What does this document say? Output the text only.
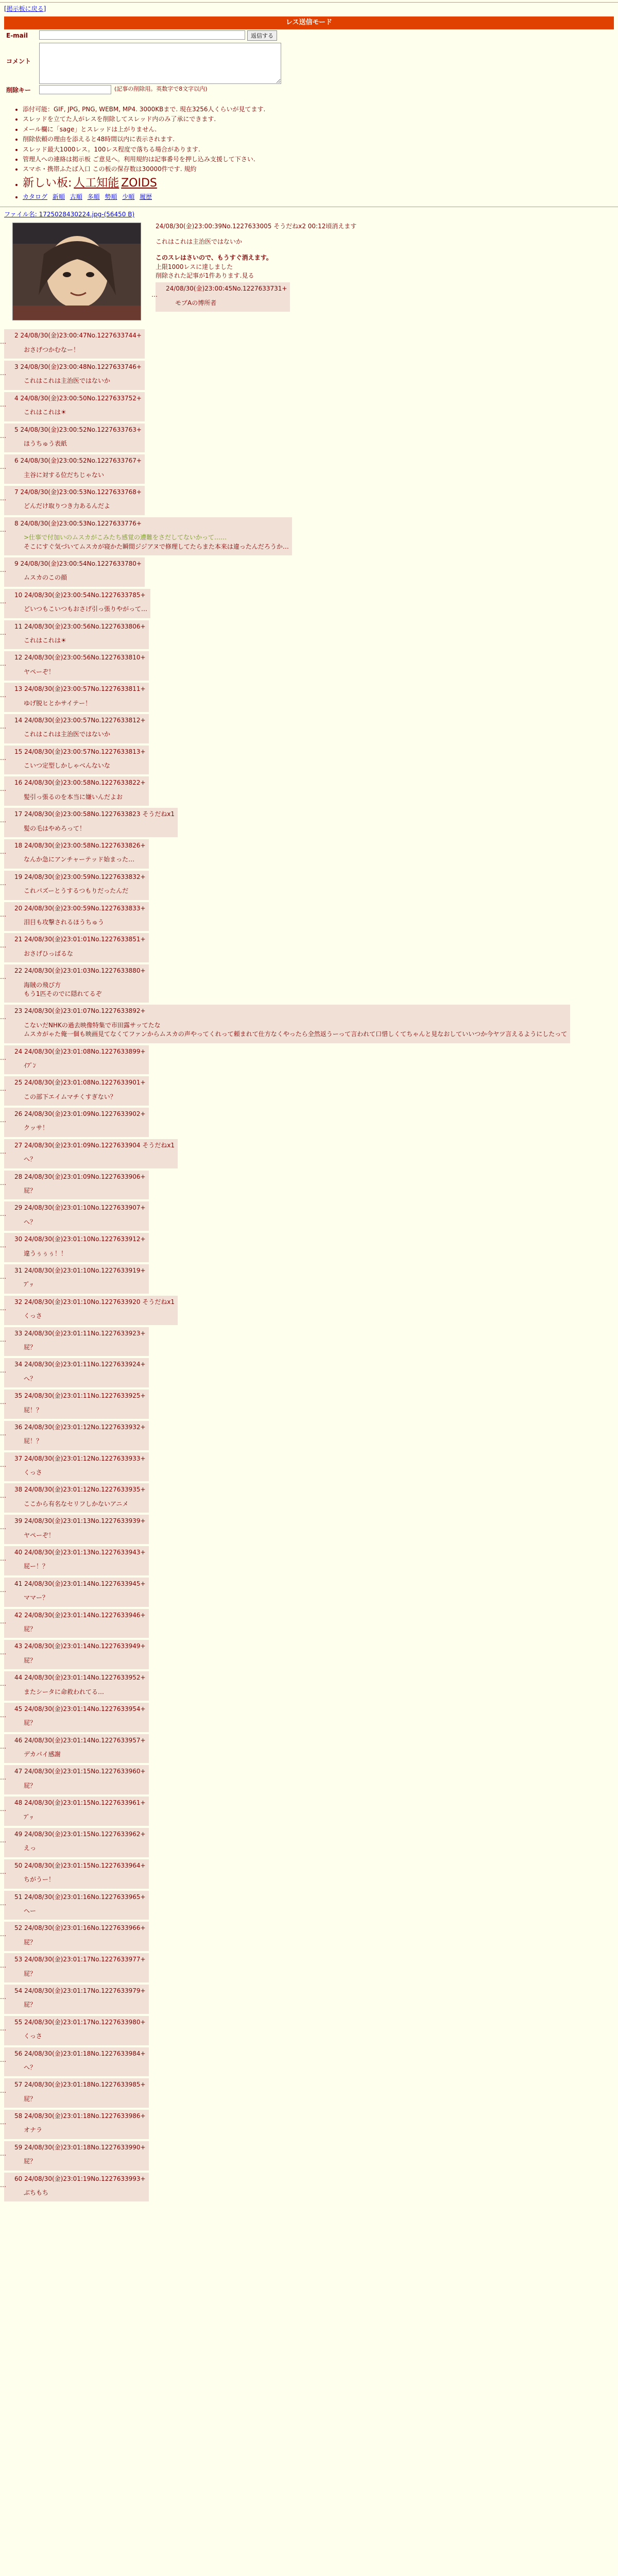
[掲示板に戻る]
レス送信モード
E-mail	返信する
コメント
削除キー	(記事の削除用。英数字で8文字以内)
• 添付可能：GIF, JPG, PNG, WEBM, MP4. 3000KBまで. 現在3256人くらいが見てます.
• スレッドを立てた人がレスを削除してスレッド内のみ了承にできます.
• メール欄に「sage」とスレッドは上がりません.
• 削除依頼の理由を添えると48時間以内に表示されます.
• スレッド最大1000レス。100レス程度で落ちる場合があります.
• 管理人への連絡は掲示板 ご意見へ。利用規約は記事番号を押し込み支援して下さい.
• スマホ・携帯ふたば入口 この板の保存数は30000件です. 規約
• 新しい板: 人工知能 ZOIDS
• カタログ 新順 古順 多順 勢順 少順 履歴
ファイル名: 1725028430224.jpg-(56450 B)
24/08/30(金)23:00:39No.1227633005 そうだねx2 00:12頃消えます

これはこれは主治医ではないか

このスレはさいので、もうすぐ消えます。

上限1000レスに達しました

削除された記事が1件あります.見る

… 24/08/30(金)23:00:45No.1227633731+
モブAの博所者
… 2 24/08/30(金)23:00:47No.1227633744+
おさげつかむなー！
… 3 24/08/30(金)23:00:48No.1227633746+
これはこれは主治医ではないか
… 4 24/08/30(金)23:00:50No.1227633752+
これはこれは☀
… 5 24/08/30(金)23:00:52No.1227633763+
ほうちゅう表紙
… 6 24/08/30(金)23:00:52No.1227633767+
主谷に対する位だちじゃない
… 7 24/08/30(金)23:00:53No.1227633768+
どんだけ取りつき力あるんだよ
… 8 24/08/30(金)23:00:53No.1227633776+
>仕事で付加いのムスカがこみたち感覚の遭難をさだしてないかって……
そこにすぐ気づいてムスカが寝かた瞬間ジジアヌで修理してたらまた本来は違ったんだろうか…
… 9 24/08/30(金)23:00:54No.1227633780+
ムスカのこの顔
… 10 24/08/30(金)23:00:54No.1227633785+
どいつもこいつもおさげ引っ張りやがって…
… 11 24/08/30(金)23:00:56No.1227633806+
これはこれは☀
… 12 24/08/30(金)23:00:56No.1227633810+
ヤペーぞ！
… 13 24/08/30(金)23:00:57No.1227633811+
ゆげ脱ヒとかサイテー！
… 14 24/08/30(金)23:00:57No.1227633812+
これはこれは主治医ではないか
… 15 24/08/30(金)23:00:57No.1227633813+
こいつ定型しかしゃべんないな
… 16 24/08/30(金)23:00:58No.1227633822+
髪引っ張るのを本当に嫌いんだよお
… 17 24/08/30(金)23:00:58No.1227633823 そうだねx1
髪の毛はやめろって！
… 18 24/08/30(金)23:00:58No.1227633826+
なんか急にアンチャーテッド始まった…
… 19 24/08/30(金)23:00:59No.1227633832+
これパズーとうするつもりだったんだ
… 20 24/08/30(金)23:00:59No.1227633833+
泪目も攻撃されるほうちゅう
… 21 24/08/30(金)23:01:01No.1227633851+
おさげひっぱるな
… 22 24/08/30(金)23:01:03No.1227633880+
海賊の飛び方
もう1匹そのでに隠れてるぞ
… 23 24/08/30(金)23:01:07No.1227633892+
こないだNHKの過去映像特集で市田露サッてたな
ムスカがゃた俺一個も映画見てなくてファンからムスカの声やってくれって頼まれて仕方なくやったら全然返うーって言われて口惜しくてちゃんと見なおしていいつか今ヤツ言えるようにしたって
… 24 24/08/30(金)23:01:08No.1227633899+
ｲﾌﾞﾝ
… 25 24/08/30(金)23:01:08No.1227633901+
この部下エイムマチくすぎない？
… 26 24/08/30(金)23:01:09No.1227633902+
クッサ！
… 27 24/08/30(金)23:01:09No.1227633904 そうだねx1
へ？
… 28 24/08/30(金)23:01:09No.1227633906+
屁？
… 29 24/08/30(金)23:01:10No.1227633907+
へ？
… 30 24/08/30(金)23:01:10No.1227633912+
違うぅぅぅ！！
… 31 24/08/30(金)23:01:10No.1227633919+
ﾌﾞｯ
… 32 24/08/30(金)23:01:10No.1227633920 そうだねx1
くっさ
… 33 24/08/30(金)23:01:11No.1227633923+
屁？
… 34 24/08/30(金)23:01:11No.1227633924+
へ？
… 35 24/08/30(金)23:01:11No.1227633925+
屁！？
… 36 24/08/30(金)23:01:12No.1227633932+
屁！？
… 37 24/08/30(金)23:01:12No.1227633933+
くっさ
… 38 24/08/30(金)23:01:12No.1227633935+
ここから有名なセリフしかないアニメ
… 39 24/08/30(金)23:01:13No.1227633939+
ヤペーぞ！
… 40 24/08/30(金)23:01:13No.1227633943+
屁ー！？
… 41 24/08/30(金)23:01:14No.1227633945+
ママー？
… 42 24/08/30(金)23:01:14No.1227633946+
屁？
… 43 24/08/30(金)23:01:14No.1227633949+
屁？
… 44 24/08/30(金)23:01:14No.1227633952+
またシータに命救われてる…
… 45 24/08/30(金)23:01:14No.1227633954+
屁？
… 46 24/08/30(金)23:01:14No.1227633957+
デカパイ感謝
… 47 24/08/30(金)23:01:15No.1227633960+
屁？
… 48 24/08/30(金)23:01:15No.1227633961+
ﾌﾞｯ
… 49 24/08/30(金)23:01:15No.1227633962+
えっ
… 50 24/08/30(金)23:01:15No.1227633964+
ちがうー！
… 51 24/08/30(金)23:01:16No.1227633965+
へー
… 52 24/08/30(金)23:01:16No.1227633966+
屁？
… 53 24/08/30(金)23:01:17No.1227633977+
屁？
… 54 24/08/30(金)23:01:17No.1227633979+
屁？
… 55 24/08/30(金)23:01:17No.1227633980+
くっさ
… 56 24/08/30(金)23:01:18No.1227633984+
へ？
… 57 24/08/30(金)23:01:18No.1227633985+
屁？
… 58 24/08/30(金)23:01:18No.1227633986+
オナラ
… 59 24/08/30(金)23:01:18No.1227633990+
屁？
… 60 24/08/30(金)23:01:19No.1227633993+
ぶちもち
